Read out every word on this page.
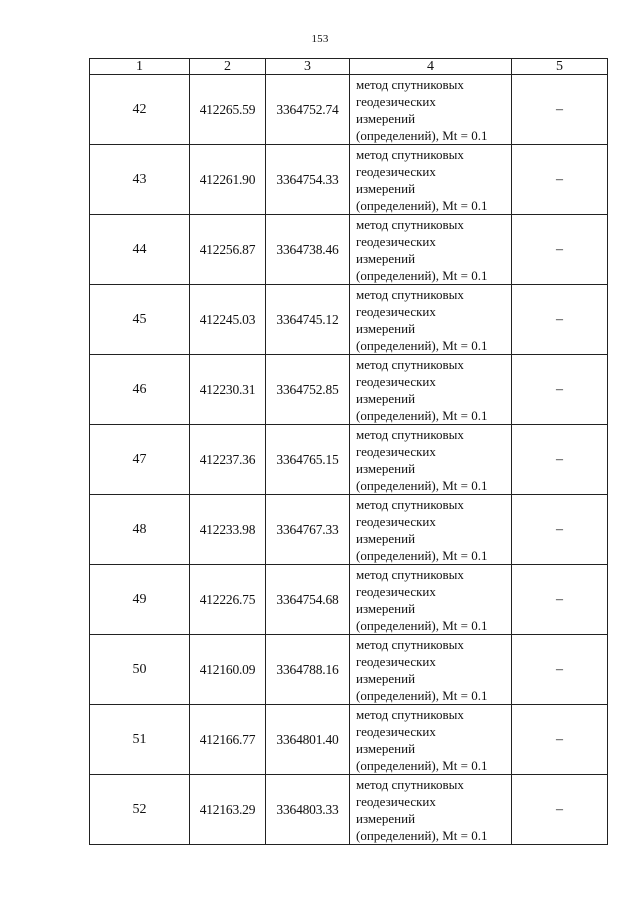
153
1	2	3	4	5
42	412265.59	3364752.74	метод спутниковых
геодезических
измерений
(определений), Mt = 0.1	–
43	412261.90	3364754.33	метод спутниковых
геодезических
измерений
(определений), Mt = 0.1	–
44	412256.87	3364738.46	метод спутниковых
геодезических
измерений
(определений), Mt = 0.1	–
45	412245.03	3364745.12	метод спутниковых
геодезических
измерений
(определений), Mt = 0.1	–
46	412230.31	3364752.85	метод спутниковых
геодезических
измерений
(определений), Mt = 0.1	–
47	412237.36	3364765.15	метод спутниковых
геодезических
измерений
(определений), Mt = 0.1	–
48	412233.98	3364767.33	метод спутниковых
геодезических
измерений
(определений), Mt = 0.1	–
49	412226.75	3364754.68	метод спутниковых
геодезических
измерений
(определений), Mt = 0.1	–
50	412160.09	3364788.16	метод спутниковых
геодезических
измерений
(определений), Mt = 0.1	–
51	412166.77	3364801.40	метод спутниковых
геодезических
измерений
(определений), Mt = 0.1	–
52	412163.29	3364803.33	метод спутниковых
геодезических
измерений
(определений), Mt = 0.1	–
